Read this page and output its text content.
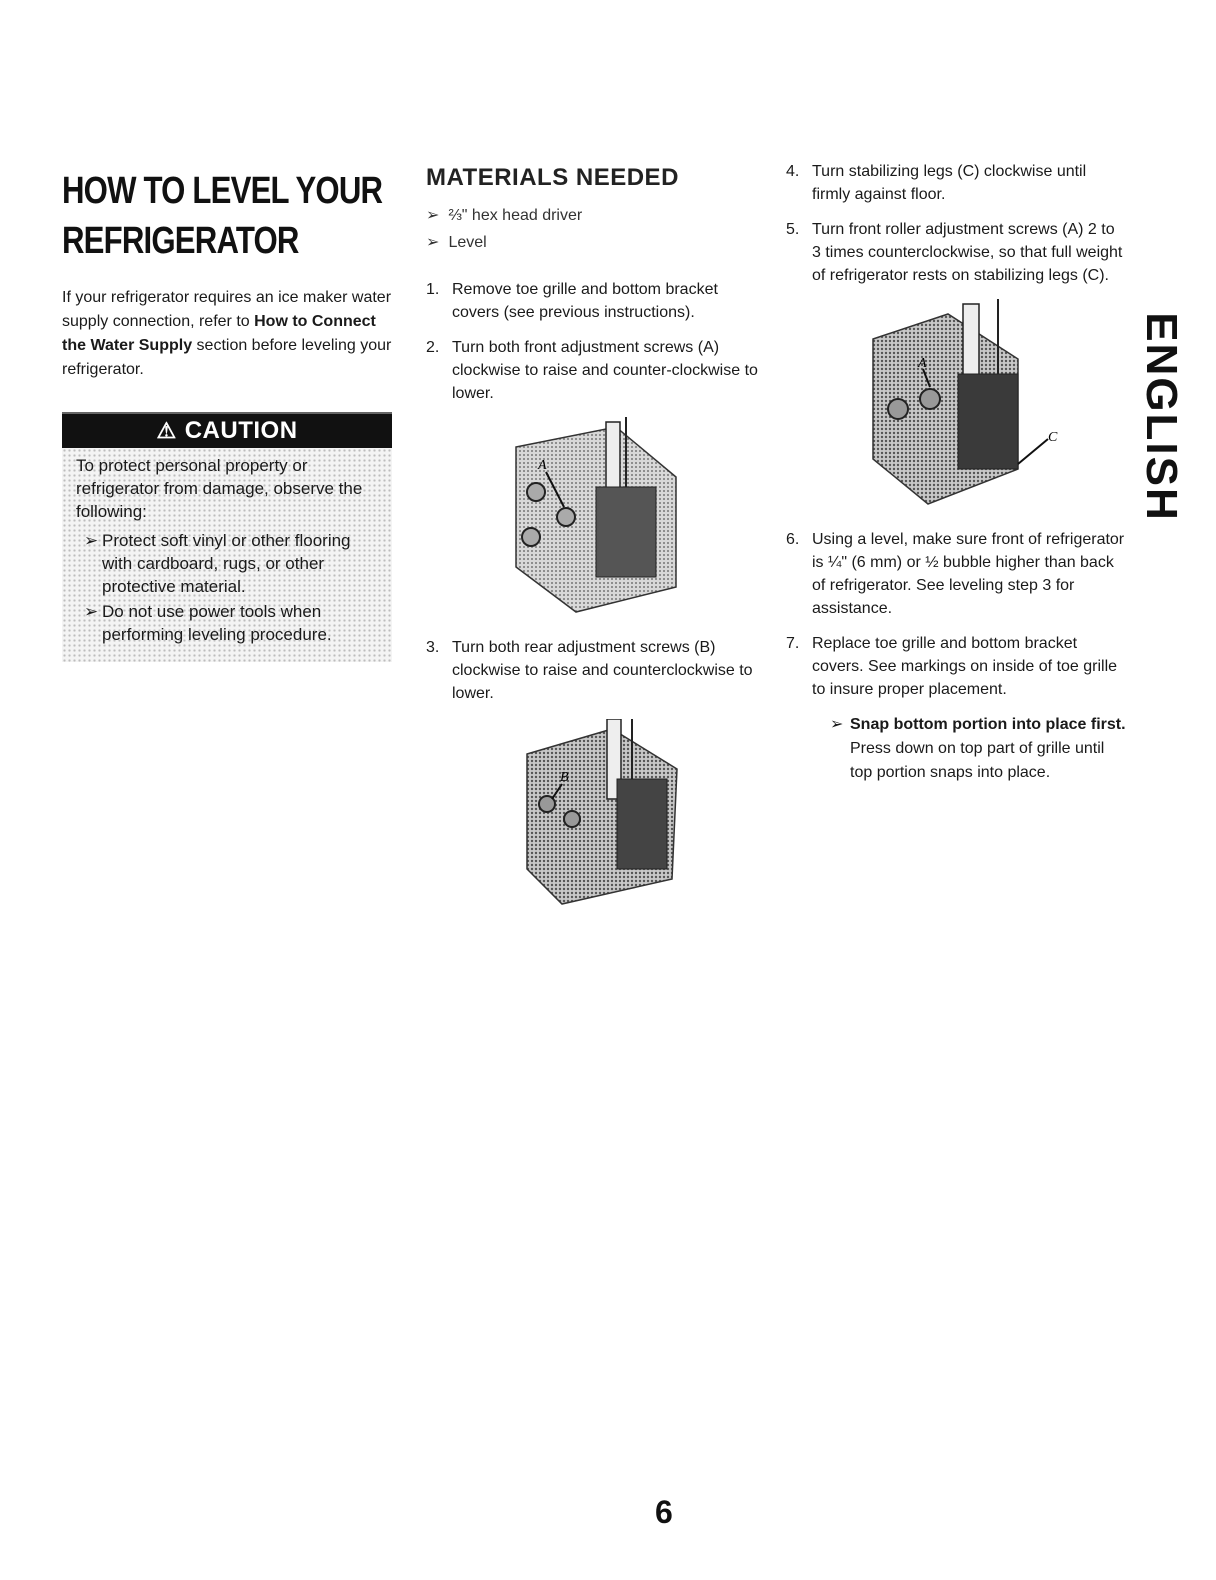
HOW TO LEVEL YOUR
REFRIGERATOR

If your refrigerator requires an ice maker water supply connection, refer to How to Connect the Water Supply section before leveling your refrigerator.

⚠ CAUTION

To protect personal property or refrigerator from damage, observe the following:

➢ Protect soft vinyl or other flooring with cardboard, rugs, or other protective material.
➢ Do not use power tools when performing leveling procedure.
MATERIALS NEEDED
➢ ⅔" hex head driver
➢ Level
1. Remove toe grille and bottom bracket covers (see previous instructions).
2. Turn both front adjustment screws (A) clockwise to raise and counter-clockwise to lower.
A
3. Turn both rear adjustment screws (B) clockwise to raise and counterclockwise to lower.
B
4. Turn stabilizing legs (C) clockwise until firmly against floor.
5. Turn front roller adjustment screws (A) 2 to 3 times counterclockwise, so that full weight of refrigerator rests on stabilizing legs (C).
A
C
6. Using a level, make sure front of refrigerator is ¼" (6 mm) or ½ bubble higher than back of refrigerator. See leveling step 3 for assistance.
7. Replace toe grille and bottom bracket covers. See markings on inside of toe grille to insure proper placement.
➢ Snap bottom portion into place first. Press down on top part of grille until top portion snaps into place.
ENGLISH
6
